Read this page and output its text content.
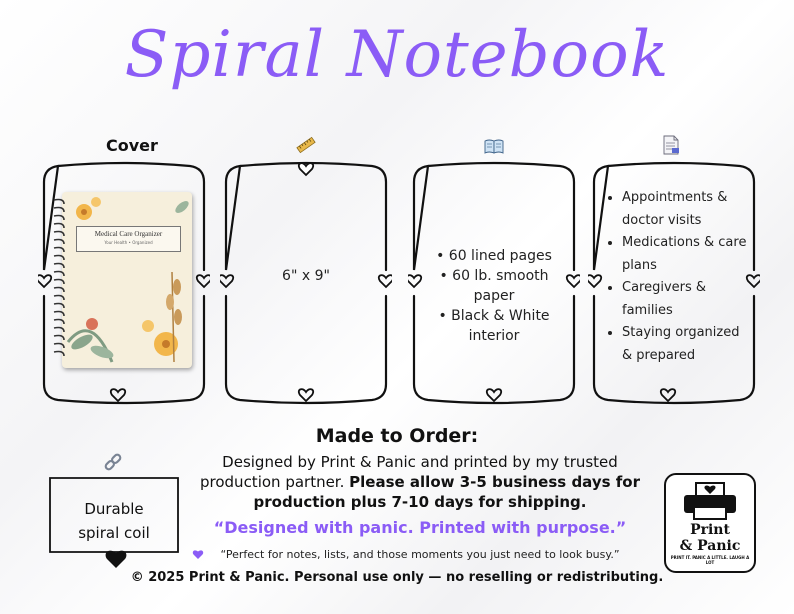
Spiral Notebook
Cover
Medical Care Organizer
Your Health • Organized
6" x 9"
• 60 lined pages
• 60 lb. smooth
paper
• Black & White
interior
• Appointments & doctor visits
• Medications & care plans
• Caregivers & families
• Staying organized & prepared
Durable
spiral coil
Made to Order:
Designed by Print & Panic and printed by my trusted production partner. Please allow 3-5 business days for production plus 7-10 days for shipping.
“Designed with panic. Printed with purpose.”
“Perfect for notes, lists, and those moments you just need to look busy.”
© 2025 Print & Panic. Personal use only — no reselling or redistributing.
Print
& Panic
PRINT IT. PANIC A LITTLE. LAUGH A LOT
